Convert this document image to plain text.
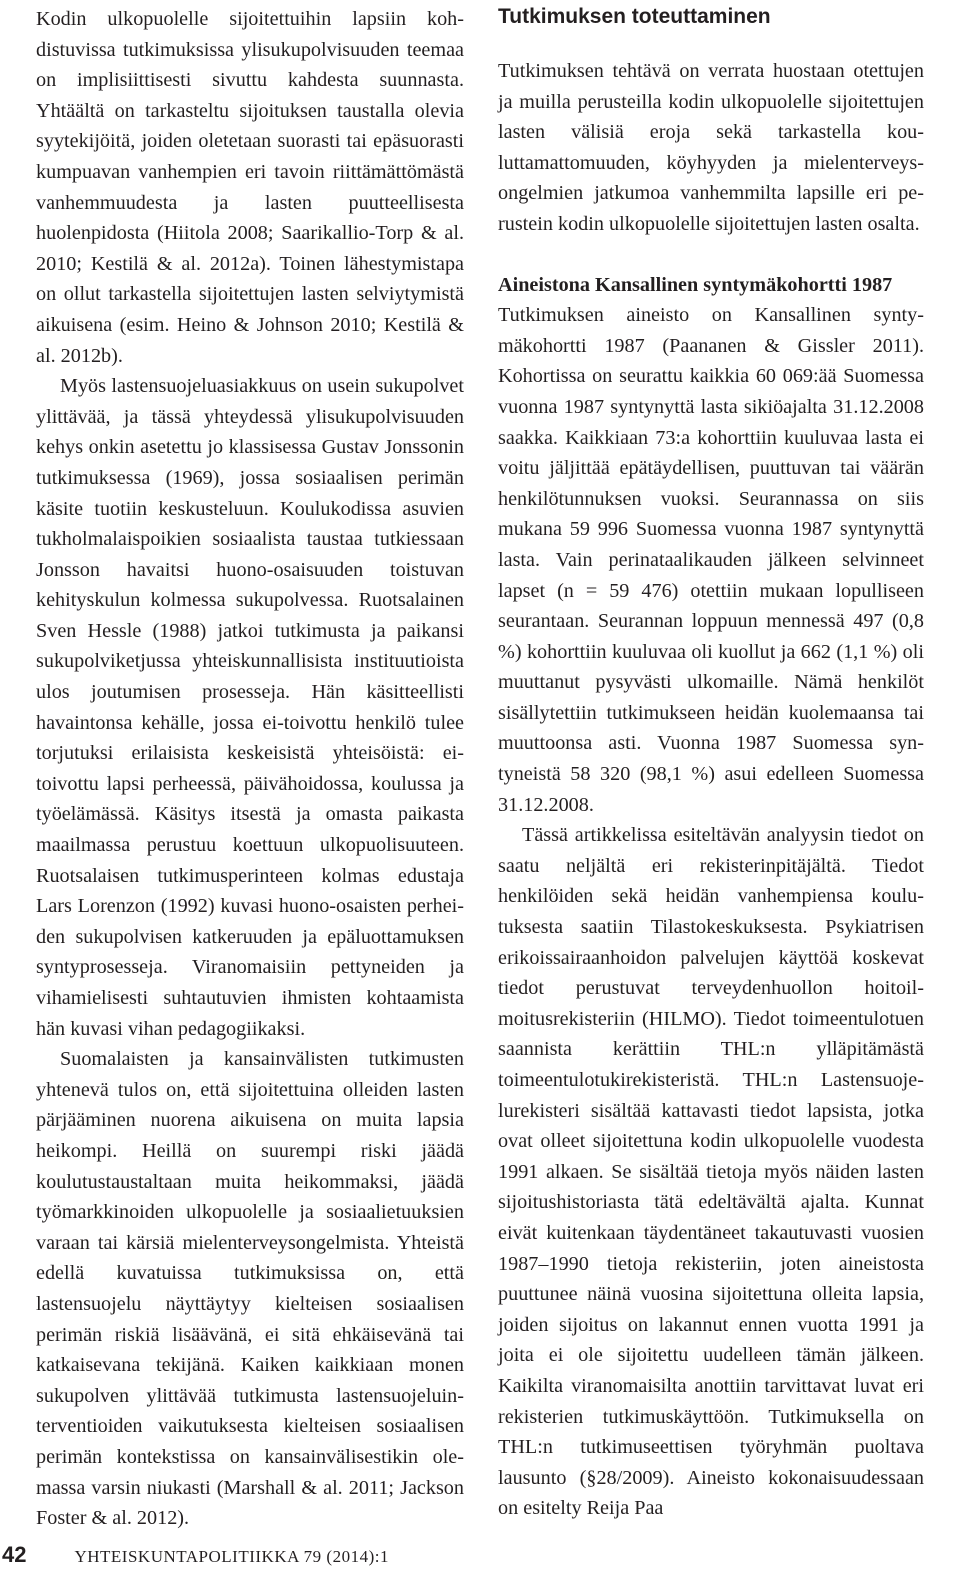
Kodin ulkopuolelle sijoitettuihin lapsiin kohdistuvissa tutkimuksissa ylisukupolvisuuden teemaa on implisiittisesti sivuttu kahdesta suunnasta. Yhtäältä on tarkasteltu sijoituksen taustalla olevia syytekijöitä, joiden oletetaan suorasti tai epäsuorasti kumpuavan vanhempien eri tavoin riittämättömästä vanhemmuudesta ja lasten puutteellisesta huolenpidosta (Hiitola 2008; Saarikallio-Torp & al. 2010; Kestilä & al. 2012a). Toinen lähestymistapa on ollut tarkastella sijoitettujen lasten selviytymistä aikuisena (esim. Heino & Johnson 2010; Kestilä & al. 2012b).

Myös lastensuojeluasiakkuus on usein sukupolvet ylittävää, ja tässä yhteydessä ylisukupolvisuuden kehys onkin asetettu jo klassisessa Gustav Jonssonin tutkimuksessa (1969), jossa sosiaalisen perimän käsite tuotiin keskusteluun. Koulukodissa asuvien tukholmalaispoikien sosiaalista taustaa tutkiessaan Jonsson havaitsi huono-osaisuuden toistuvan kehityskulun kolmessa sukupolvessa. Ruotsalainen Sven Hessle (1988) jatkoi tutkimusta ja paikansi sukupolviketjussa yhteiskunnallisista instituutioista ulos joutumisen prosesseja. Hän käsitteellisti havaintonsa kehälle, jossa ei-toivottu henkilö tulee torjutuksi erilaisista keskeisistä yhteisöistä: ei-toivottu lapsi perheessä, päivähoidossa, koulussa ja työelämässä. Käsitys itsestä ja omasta paikasta maailmassa perustuu koettuun ulkopuolisuuteen. Ruotsalaisen tutkimusperinteen kolmas edustaja Lars Lorenzon (1992) kuvasi huono-osaisten perheiden sukupolvisen katkeruuden ja epäluottamuksen syntyprosesseja. Viranomaisiin pettyneiden ja vihamielisesti suhtautuvien ihmisten kohtaamista hän kuvasi vihan pedagogiikaksi.

Suomalaisten ja kansainvälisten tutkimusten yhtenevä tulos on, että sijoitettuina olleiden lasten pärjääminen nuorena aikuisena on muita lapsia heikompi. Heillä on suurempi riski jäädä koulutustaustaltaan muita heikommaksi, jäädä työmarkkinoiden ulkopuolelle ja sosiaalietuuksien varaan tai kärsiä mielenterveysongelmista. Yhteistä edellä kuvatuissa tutkimuksissa on, että lastensuojelu näyttäytyy kielteisen sosiaalisen perimän riskiä lisäävänä, ei sitä ehkäisevänä tai katkaisevana tekijänä. Kaiken kaikkiaan monen sukupolven ylittävää tutkimusta lastensuojeluinterventioiden vaikutuksesta kielteisen sosiaalisen perimän kontekstissa on kansainvälisestikin olemassa varsin niukasti (Marshall & al. 2011; Jackson Foster & al. 2012).

Tutkimuksen toteuttaminen

Tutkimuksen tehtävä on verrata huostaan otettujen ja muilla perusteilla kodin ulkopuolelle sijoitettujen lasten välisiä eroja sekä tarkastella kouluttamattomuuden, köyhyyden ja mielenterveysongelmien jatkumoa vanhemmilta lapsille eri perustein kodin ulkopuolelle sijoitettujen lasten osalta.

Aineistona Kansallinen syntymäkohortti 1987

Tutkimuksen aineisto on Kansallinen syntymäkohortti 1987 (Paananen & Gissler 2011). Kohortissa on seurattu kaikkia 60 069:ää Suomessa vuonna 1987 syntynyttä lasta sikiöajalta 31.12.2008 saakka. Kaikkiaan 73:a kohorttiin kuuluvaa lasta ei voitu jäljittää epätäydellisen, puuttuvan tai väärän henkilötunnuksen vuoksi. Seurannassa on siis mukana 59 996 Suomessa vuonna 1987 syntynyttä lasta. Vain perinataalikauden jälkeen selvinneet lapset (n = 59 476) otettiin mukaan lopulliseen seurantaan. Seurannan loppuun mennessä 497 (0,8 %) kohorttiin kuuluvaa oli kuollut ja 662 (1,1 %) oli muuttanut pysyvästi ulkomaille. Nämä henkilöt sisällytettiin tutkimukseen heidän kuolemaansa tai muuttoonsa asti. Vuonna 1987 Suomessa syntyneistä 58 320 (98,1 %) asui edelleen Suomessa 31.12.2008.

Tässä artikkelissa esiteltävän analyysin tiedot on saatu neljältä eri rekisterinpitäjältä. Tiedot henkilöiden sekä heidän vanhempiensa koulutuksesta saatiin Tilastokeskuksesta. Psykiatrisen erikoissairaanhoidon palvelujen käyttöä koskevat tiedot perustuvat terveydenhuollon hoitoilmoitusrekisteriin (HILMO). Tiedot toimeentulotuen saannista kerättiin THL:n ylläpitämästä toimeentulotukirekisteristä. THL:n Lastensuojelurekisteri sisältää kattavasti tiedot lapsista, jotka ovat olleet sijoitettuna kodin ulkopuolelle vuodesta 1991 alkaen. Se sisältää tietoja myös näiden lasten sijoitushistoriasta tätä edeltävältä ajalta. Kunnat eivät kuitenkaan täydentäneet takautuvasti vuosien 1987–1990 tietoja rekisteriin, joten aineistosta puuttunee näinä vuosina sijoitettuna olleita lapsia, joiden sijoitus on lakannut ennen vuotta 1991 ja joita ei ole sijoitettu uudelleen tämän jälkeen. Kaikilta viranomaisilta anottiin tarvittavat luvat eri rekisterien tutkimuskäyttöön. Tutkimuksella on THL:n tutkimuseettisen työryhmän puoltava lausunto (§28/2009). Aineisto kokonaisuudessaan on esitelty Reija Paa

42	YHTEISKUNTAPOLITIIKKA 79 (2014):1
